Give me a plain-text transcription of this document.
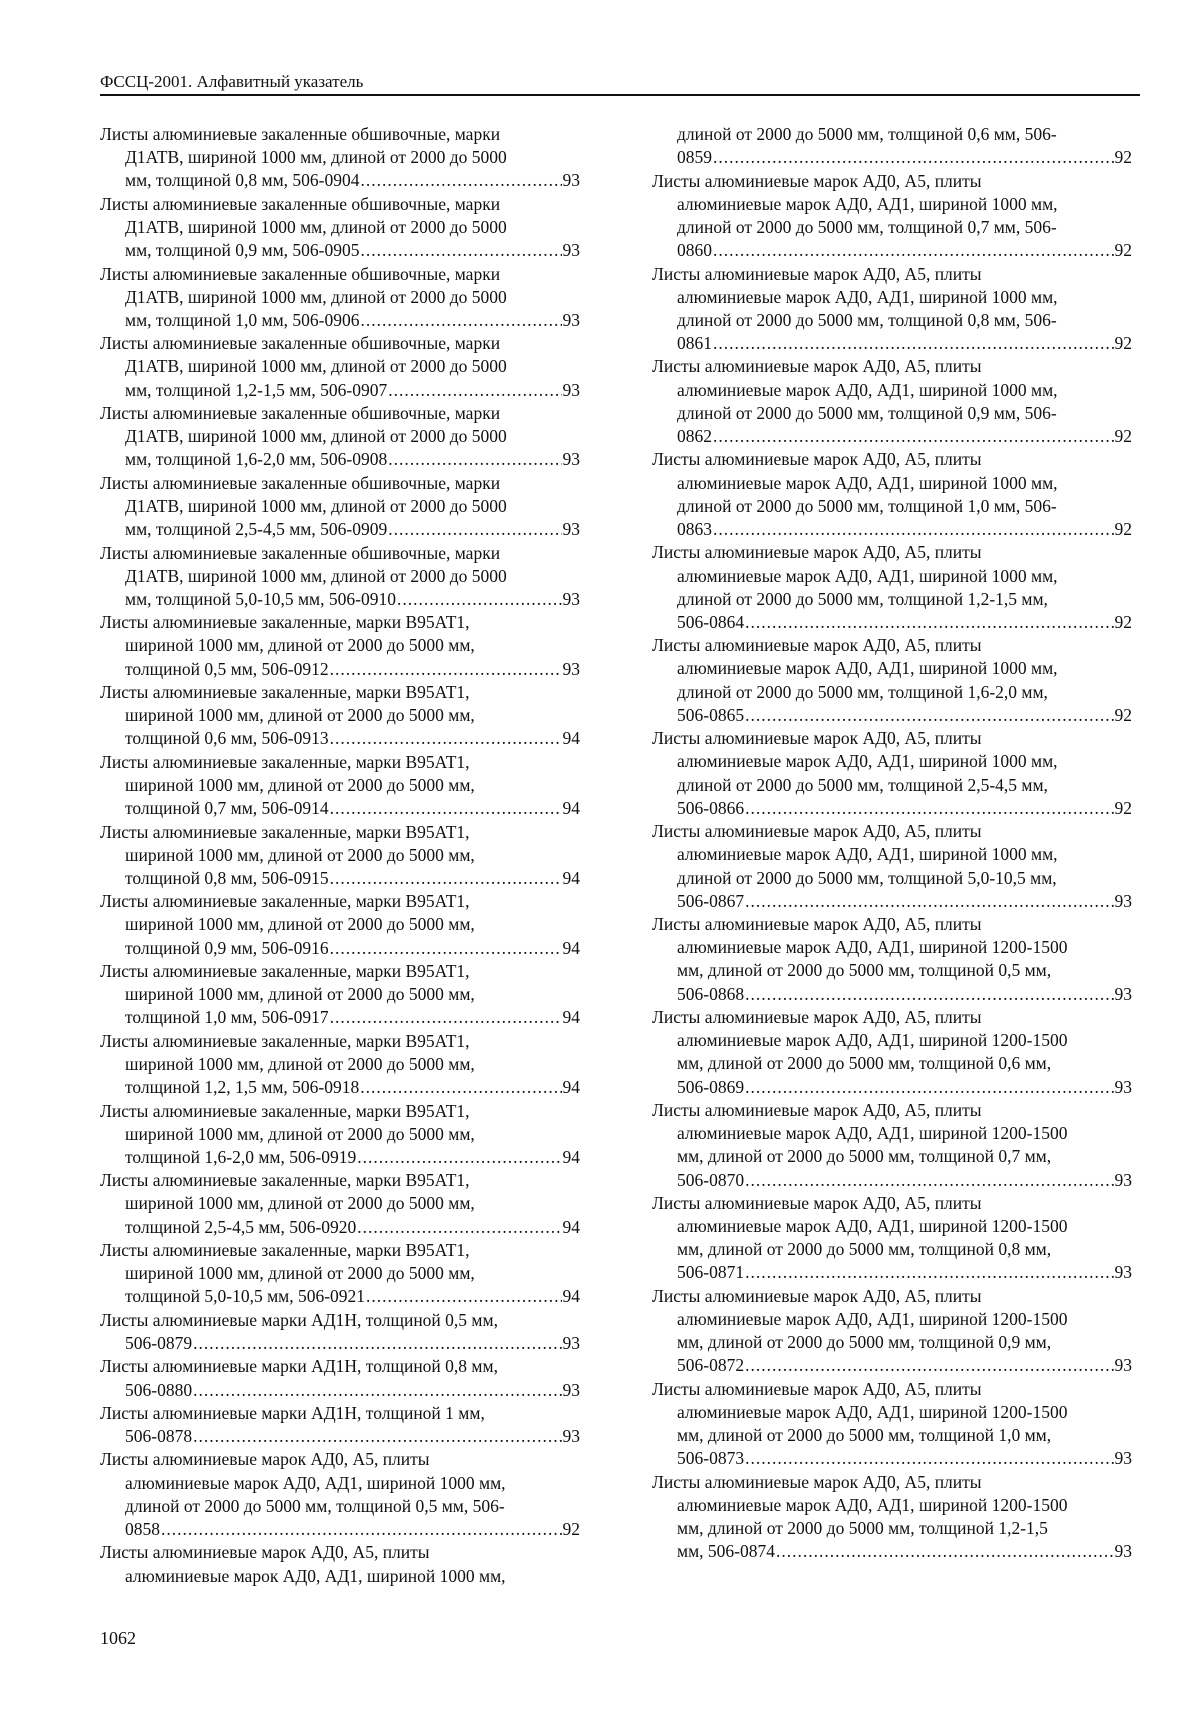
ФССЦ-2001. Алфавитный указатель
Листы алюминиевые закаленные обшивочные, марки
Д1АТВ, шириной 1000 мм, длиной от 2000 до 5000
мм, толщиной 0,8 мм, 506-0904 .....	93
Листы алюминиевые закаленные обшивочные, марки
Д1АТВ, шириной 1000 мм, длиной от 2000 до 5000
мм, толщиной 0,9 мм, 506-0905 .....	93
Листы алюминиевые закаленные обшивочные, марки
Д1АТВ, шириной 1000 мм, длиной от 2000 до 5000
мм, толщиной 1,0 мм, 506-0906 .....	93
Листы алюминиевые закаленные обшивочные, марки
Д1АТВ, шириной 1000 мм, длиной от 2000 до 5000
мм, толщиной 1,2-1,5 мм, 506-0907 .....	93
Листы алюминиевые закаленные обшивочные, марки
Д1АТВ, шириной 1000 мм, длиной от 2000 до 5000
мм, толщиной 1,6-2,0 мм, 506-0908 .....	93
Листы алюминиевые закаленные обшивочные, марки
Д1АТВ, шириной 1000 мм, длиной от 2000 до 5000
мм, толщиной 2,5-4,5 мм, 506-0909 .....	93
Листы алюминиевые закаленные обшивочные, марки
Д1АТВ, шириной 1000 мм, длиной от 2000 до 5000
мм, толщиной 5,0-10,5 мм, 506-0910 .....	93
Листы алюминиевые закаленные, марки В95АТ1,
шириной 1000 мм, длиной от 2000 до 5000 мм,
толщиной 0,5 мм, 506-0912 .....	93
Листы алюминиевые закаленные, марки В95АТ1,
шириной 1000 мм, длиной от 2000 до 5000 мм,
толщиной 0,6 мм, 506-0913 .....	94
Листы алюминиевые закаленные, марки В95АТ1,
шириной 1000 мм, длиной от 2000 до 5000 мм,
толщиной 0,7 мм, 506-0914 .....	94
Листы алюминиевые закаленные, марки В95АТ1,
шириной 1000 мм, длиной от 2000 до 5000 мм,
толщиной 0,8 мм, 506-0915 .....	94
Листы алюминиевые закаленные, марки В95АТ1,
шириной 1000 мм, длиной от 2000 до 5000 мм,
толщиной 0,9 мм, 506-0916 .....	94
Листы алюминиевые закаленные, марки В95АТ1,
шириной 1000 мм, длиной от 2000 до 5000 мм,
толщиной 1,0 мм, 506-0917 .....	94
Листы алюминиевые закаленные, марки В95АТ1,
шириной 1000 мм, длиной от 2000 до 5000 мм,
толщиной 1,2, 1,5 мм, 506-0918 .....	94
Листы алюминиевые закаленные, марки В95АТ1,
шириной 1000 мм, длиной от 2000 до 5000 мм,
толщиной 1,6-2,0 мм, 506-0919 .....	94
Листы алюминиевые закаленные, марки В95АТ1,
шириной 1000 мм, длиной от 2000 до 5000 мм,
толщиной 2,5-4,5 мм, 506-0920 .....	94
Листы алюминиевые закаленные, марки В95АТ1,
шириной 1000 мм, длиной от 2000 до 5000 мм,
толщиной 5,0-10,5 мм, 506-0921 .....	94
Листы алюминиевые марки АД1Н, толщиной 0,5 мм,
506-0879 .....	93
Листы алюминиевые марки АД1Н, толщиной 0,8 мм,
506-0880 .....	93
Листы алюминиевые марки АД1Н, толщиной 1 мм,
506-0878 .....	93
Листы алюминиевые марок АД0, А5, плиты
алюминиевые марок АД0, АД1, шириной 1000 мм,
длиной от 2000 до 5000 мм, толщиной 0,5 мм, 506-
0858 .....	92
Листы алюминиевые марок АД0, А5, плиты
алюминиевые марок АД0, АД1, шириной 1000 мм,
длиной от 2000 до 5000 мм, толщиной 0,6 мм, 506-
0859 .....	92
Листы алюминиевые марок АД0, А5, плиты
алюминиевые марок АД0, АД1, шириной 1000 мм,
длиной от 2000 до 5000 мм, толщиной 0,7 мм, 506-
0860 .....	92
Листы алюминиевые марок АД0, А5, плиты
алюминиевые марок АД0, АД1, шириной 1000 мм,
длиной от 2000 до 5000 мм, толщиной 0,8 мм, 506-
0861 .....	92
Листы алюминиевые марок АД0, А5, плиты
алюминиевые марок АД0, АД1, шириной 1000 мм,
длиной от 2000 до 5000 мм, толщиной 0,9 мм, 506-
0862 .....	92
Листы алюминиевые марок АД0, А5, плиты
алюминиевые марок АД0, АД1, шириной 1000 мм,
длиной от 2000 до 5000 мм, толщиной 1,0 мм, 506-
0863 .....	92
Листы алюминиевые марок АД0, А5, плиты
алюминиевые марок АД0, АД1, шириной 1000 мм,
длиной от 2000 до 5000 мм, толщиной 1,2-1,5 мм,
506-0864 .....	92
Листы алюминиевые марок АД0, А5, плиты
алюминиевые марок АД0, АД1, шириной 1000 мм,
длиной от 2000 до 5000 мм, толщиной 1,6-2,0 мм,
506-0865 .....	92
Листы алюминиевые марок АД0, А5, плиты
алюминиевые марок АД0, АД1, шириной 1000 мм,
длиной от 2000 до 5000 мм, толщиной 2,5-4,5 мм,
506-0866 .....	92
Листы алюминиевые марок АД0, А5, плиты
алюминиевые марок АД0, АД1, шириной 1000 мм,
длиной от 2000 до 5000 мм, толщиной 5,0-10,5 мм,
506-0867 .....	93
Листы алюминиевые марок АД0, А5, плиты
алюминиевые марок АД0, АД1, шириной 1200-1500
мм, длиной от 2000 до 5000 мм, толщиной 0,5 мм,
506-0868 .....	93
Листы алюминиевые марок АД0, А5, плиты
алюминиевые марок АД0, АД1, шириной 1200-1500
мм, длиной от 2000 до 5000 мм, толщиной 0,6 мм,
506-0869 .....	93
Листы алюминиевые марок АД0, А5, плиты
алюминиевые марок АД0, АД1, шириной 1200-1500
мм, длиной от 2000 до 5000 мм, толщиной 0,7 мм,
506-0870 .....	93
Листы алюминиевые марок АД0, А5, плиты
алюминиевые марок АД0, АД1, шириной 1200-1500
мм, длиной от 2000 до 5000 мм, толщиной 0,8 мм,
506-0871 .....	93
Листы алюминиевые марок АД0, А5, плиты
алюминиевые марок АД0, АД1, шириной 1200-1500
мм, длиной от 2000 до 5000 мм, толщиной 0,9 мм,
506-0872 .....	93
Листы алюминиевые марок АД0, А5, плиты
алюминиевые марок АД0, АД1, шириной 1200-1500
мм, длиной от 2000 до 5000 мм, толщиной 1,0 мм,
506-0873 .....	93
Листы алюминиевые марок АД0, А5, плиты
алюминиевые марок АД0, АД1, шириной 1200-1500
мм, длиной от 2000 до 5000 мм, толщиной 1,2-1,5
мм, 506-0874 .....	93
1062
